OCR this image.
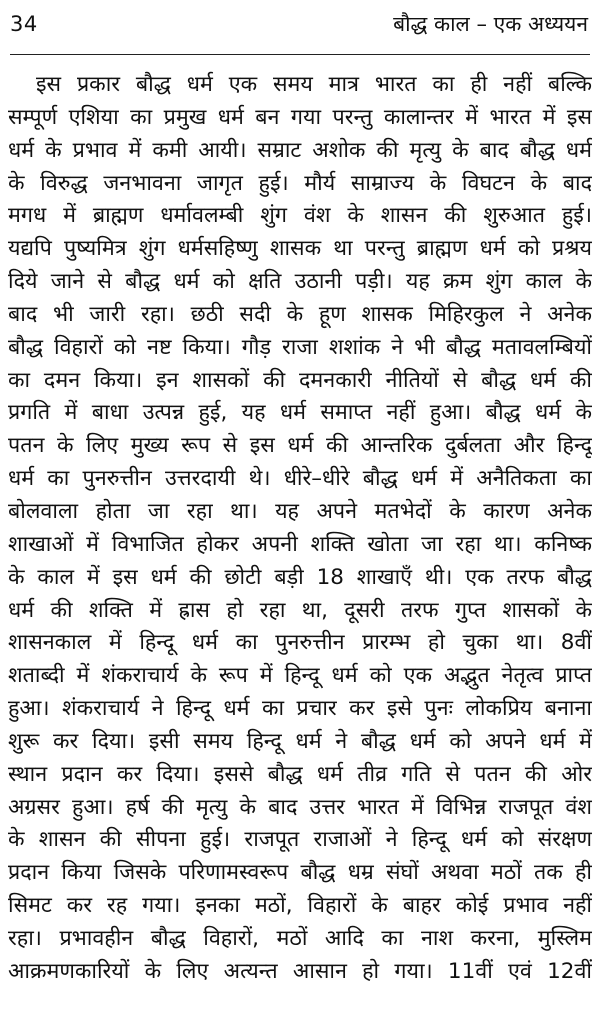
34	बौद्ध काल – एक अध्ययन
इस प्रकार बौद्ध धर्म एक समय मात्र भारत का ही नहीं बल्कि
सम्पूर्ण एशिया का प्रमुख धर्म बन गया परन्तु कालान्तर में भारत में इस
धर्म के प्रभाव में कमी आयी। सम्राट अशोक की मृत्यु के बाद बौद्ध धर्म
के विरुद्ध जनभावना जागृत हुई। मौर्य साम्राज्य के विघटन के बाद
मगध में ब्राह्मण धर्मावलम्बी शुंग वंश के शासन की शुरुआत हुई।
यद्यपि पुष्यमित्र शुंग धर्मसहिष्णु शासक था परन्तु ब्राह्मण धर्म को प्रश्रय
दिये जाने से बौद्ध धर्म को क्षति उठानी पड़ी। यह क्रम शुंग काल के
बाद भी जारी रहा। छठी सदी के हूण शासक मिहिरकुल ने अनेक
बौद्ध विहारों को नष्ट किया। गौड़ राजा शशांक ने भी बौद्ध मतावलम्बियों
का दमन किया। इन शासकों की दमनकारी नीतियों से बौद्ध धर्म की
प्रगति में बाधा उत्पन्न हुई, यह धर्म समाप्त नहीं हुआ। बौद्ध धर्म के
पतन के लिए मुख्य रूप से इस धर्म की आन्तरिक दुर्बलता और हिन्दू
धर्म का पुनरुत्तीन उत्तरदायी थे। धीरे–धीरे बौद्ध धर्म में अनैतिकता का
बोलवाला होता जा रहा था। यह अपने मतभेदों के कारण अनेक
शाखाओं में विभाजित होकर अपनी शक्ति खोता जा रहा था। कनिष्क
के काल में इस धर्म की छोटी बड़ी 18 शाखाएँ थी। एक तरफ बौद्ध
धर्म की शक्ति में ह्रास हो रहा था, दूसरी तरफ गुप्त शासकों के
शासनकाल में हिन्दू धर्म का पुनरुत्तीन प्रारम्भ हो चुका था। 8वीं
शताब्दी में शंकराचार्य के रूप में हिन्दू धर्म को एक अद्भुत नेतृत्व प्राप्त
हुआ। शंकराचार्य ने हिन्दू धर्म का प्रचार कर इसे पुनः लोकप्रिय बनाना
शुरू कर दिया। इसी समय हिन्दू धर्म ने बौद्ध धर्म को अपने धर्म में
स्थान प्रदान कर दिया। इससे बौद्ध धर्म तीव्र गति से पतन की ओर
अग्रसर हुआ। हर्ष की मृत्यु के बाद उत्तर भारत में विभिन्न राजपूत वंश
के शासन की सीपना हुई। राजपूत राजाओं ने हिन्दू धर्म को संरक्षण
प्रदान किया जिसके परिणामस्वरूप बौद्ध धम्र संघों अथवा मठों तक ही
सिमट कर रह गया। इनका मठों, विहारों के बाहर कोई प्रभाव नहीं
रहा। प्रभावहीन बौद्ध विहारों, मठों आदि का नाश करना, मुस्लिम
आक्रमणकारियों के लिए अत्यन्त आसान हो गया। 11वीं एवं 12वीं
